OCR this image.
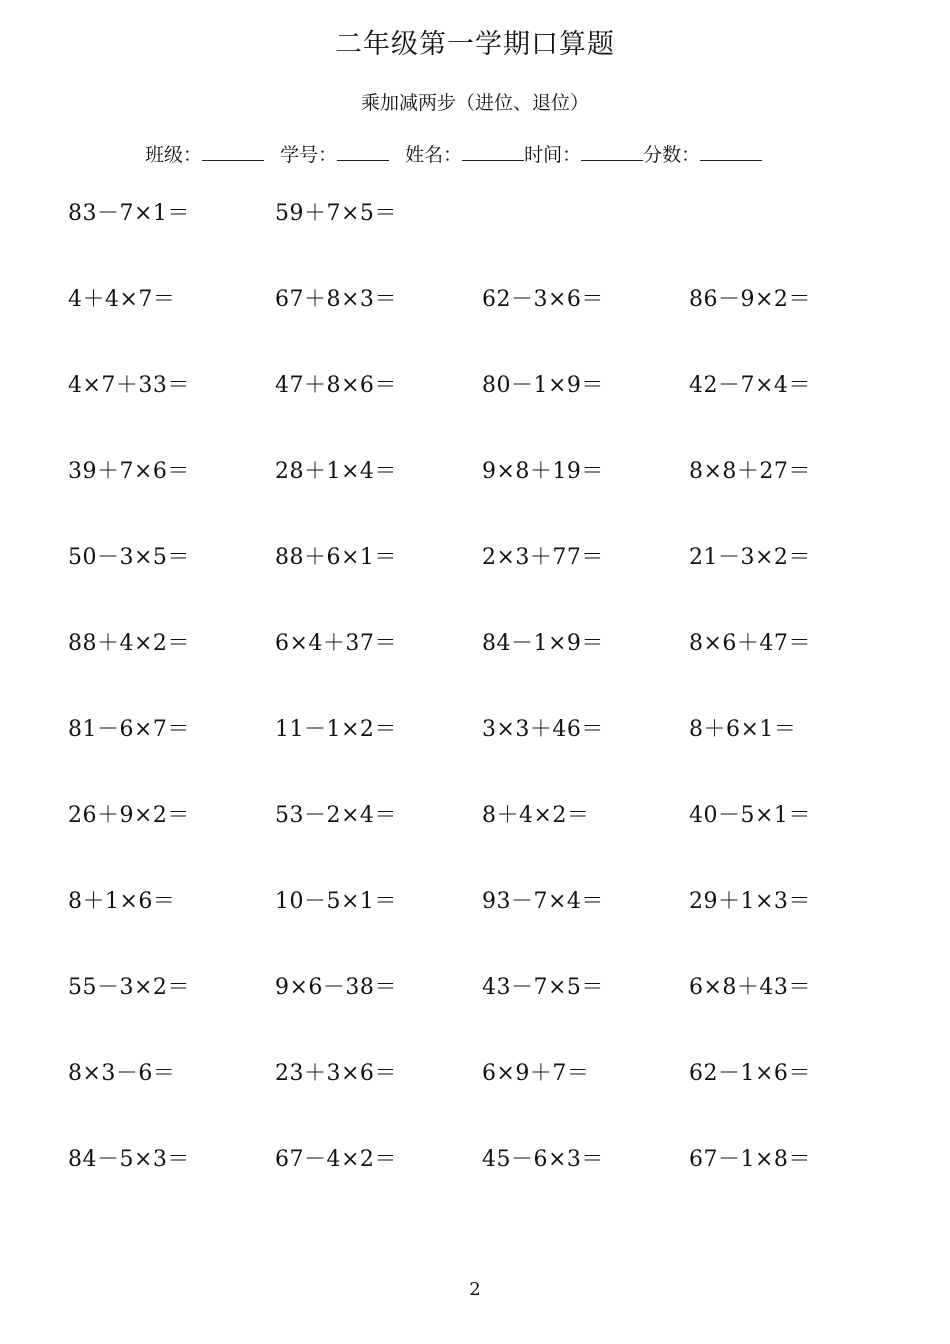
二年级第一学期口算题
乘加减两步（进位、退位）
班级：	学号：	姓名：	时间：	分数：
83－7×1＝	59＋7×5＝
4＋4×7＝	67＋8×3＝	62－3×6＝	86－9×2＝
4×7＋33＝	47＋8×6＝	80－1×9＝	42－7×4＝
39＋7×6＝	28＋1×4＝	9×8＋19＝	8×8＋27＝
50－3×5＝	88＋6×1＝	2×3＋77＝	21－3×2＝
88＋4×2＝	6×4＋37＝	84－1×9＝	8×6＋47＝
81－6×7＝	11－1×2＝	3×3＋46＝	8＋6×1＝
26＋9×2＝	53－2×4＝	8＋4×2＝	40－5×1＝
8＋1×6＝	10－5×1＝	93－7×4＝	29＋1×3＝
55－3×2＝	9×6－38＝	43－7×5＝	6×8＋43＝
8×3－6＝	23＋3×6＝	6×9＋7＝	62－1×6＝
84－5×3＝	67－4×2＝	45－6×3＝	67－1×8＝
2
